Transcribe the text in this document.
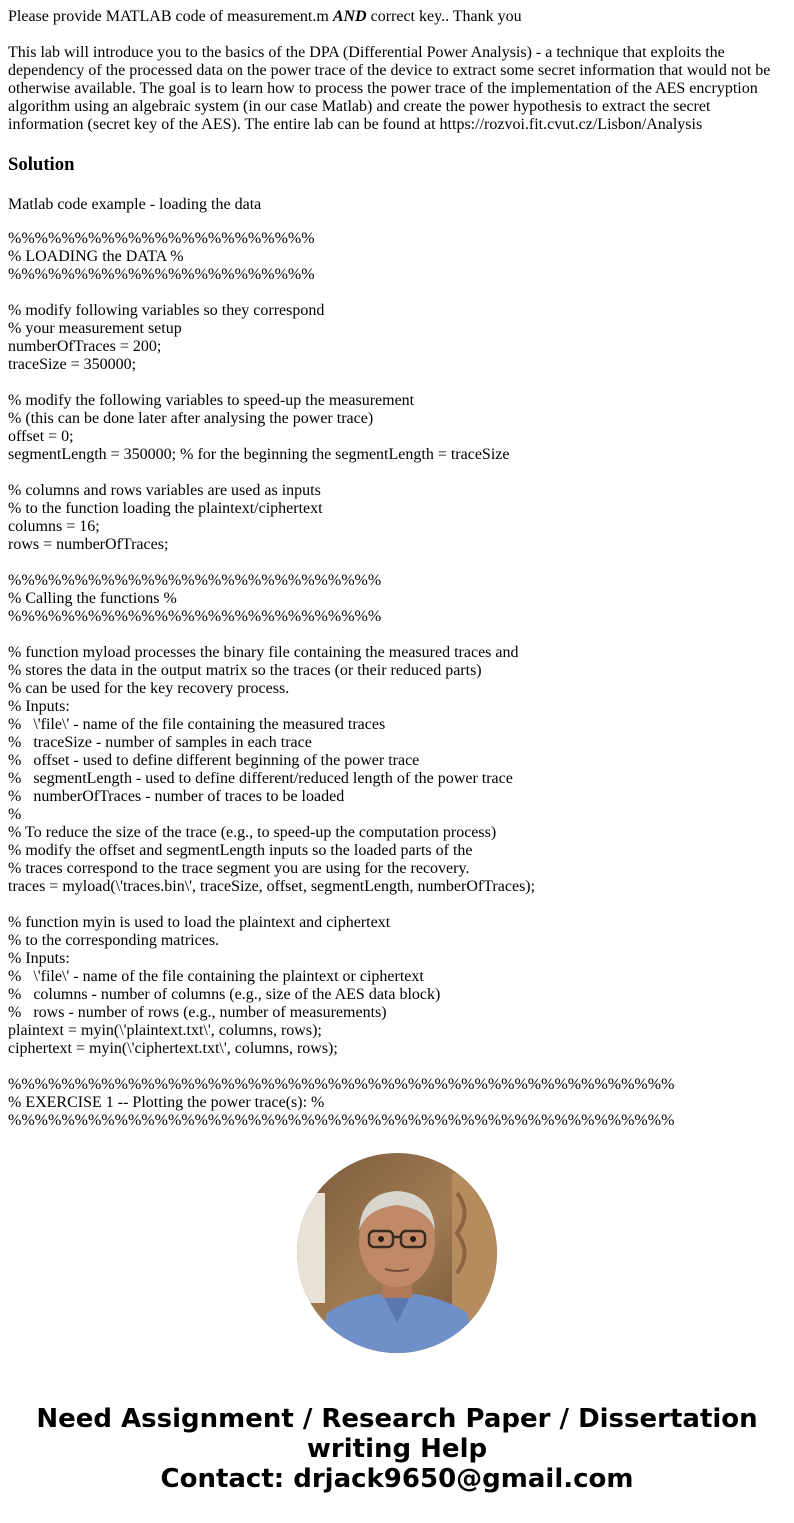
Please provide MATLAB code of measurement.m AND correct key.. Thank you

This lab will introduce you to the basics of the DPA (Differential Power Analysis) - a technique that exploits the dependency of the processed data on the power trace of the device to extract some secret information that would not be otherwise available. The goal is to learn how to process the power trace of the implementation of the AES encryption algorithm using an algebraic system (in our case Matlab) and create the power hypothesis to extract the secret information (secret key of the AES). The entire lab can be found at https://rozvoi.fit.cvut.cz/Lisbon/Analysis

Solution

Matlab code example - loading the data

%%%%%%%%%%%%%%%%%%%%%%%
% LOADING the DATA %
%%%%%%%%%%%%%%%%%%%%%%%
% modify following variables so they correspond
% your measurement setup
numberOfTraces = 200;
traceSize = 350000;
% modify the following variables to speed-up the measurement
% (this can be done later after analysing the power trace)
offset = 0;
segmentLength = 350000; % for the beginning the segmentLength = traceSize
% columns and rows variables are used as inputs
% to the function loading the plaintext/ciphertext
columns = 16;
rows = numberOfTraces;
%%%%%%%%%%%%%%%%%%%%%%%%%%%%
% Calling the functions %
%%%%%%%%%%%%%%%%%%%%%%%%%%%%
% function myload processes the binary file containing the measured traces and
% stores the data in the output matrix so the traces (or their reduced parts)
% can be used for the key recovery process.
% Inputs:
%   \'file\' - name of the file containing the measured traces
%   traceSize - number of samples in each trace
%   offset - used to define different beginning of the power trace
%   segmentLength - used to define different/reduced length of the power trace
%   numberOfTraces - number of traces to be loaded
%
% To reduce the size of the trace (e.g., to speed-up the computation process)
% modify the offset and segmentLength inputs so the loaded parts of the
% traces correspond to the trace segment you are using for the recovery.
traces = myload(\'traces.bin\', traceSize, offset, segmentLength, numberOfTraces);
% function myin is used to load the plaintext and ciphertext
% to the corresponding matrices.
% Inputs:
%   \'file\' - name of the file containing the plaintext or ciphertext
%   columns - number of columns (e.g., size of the AES data block)
%   rows - number of rows (e.g., number of measurements)
plaintext = myin(\'plaintext.txt\', columns, rows);
ciphertext = myin(\'ciphertext.txt\', columns, rows);
%%%%%%%%%%%%%%%%%%%%%%%%%%%%%%%%%%%%%%%%%%%%%%%%%%
% EXERCISE 1 -- Plotting the power trace(s): %
%%%%%%%%%%%%%%%%%%%%%%%%%%%%%%%%%%%%%%%%%%%%%%%%%%
Need Assignment / Research Paper / Dissertation
writing Help
Contact: drjack9650@gmail.com
